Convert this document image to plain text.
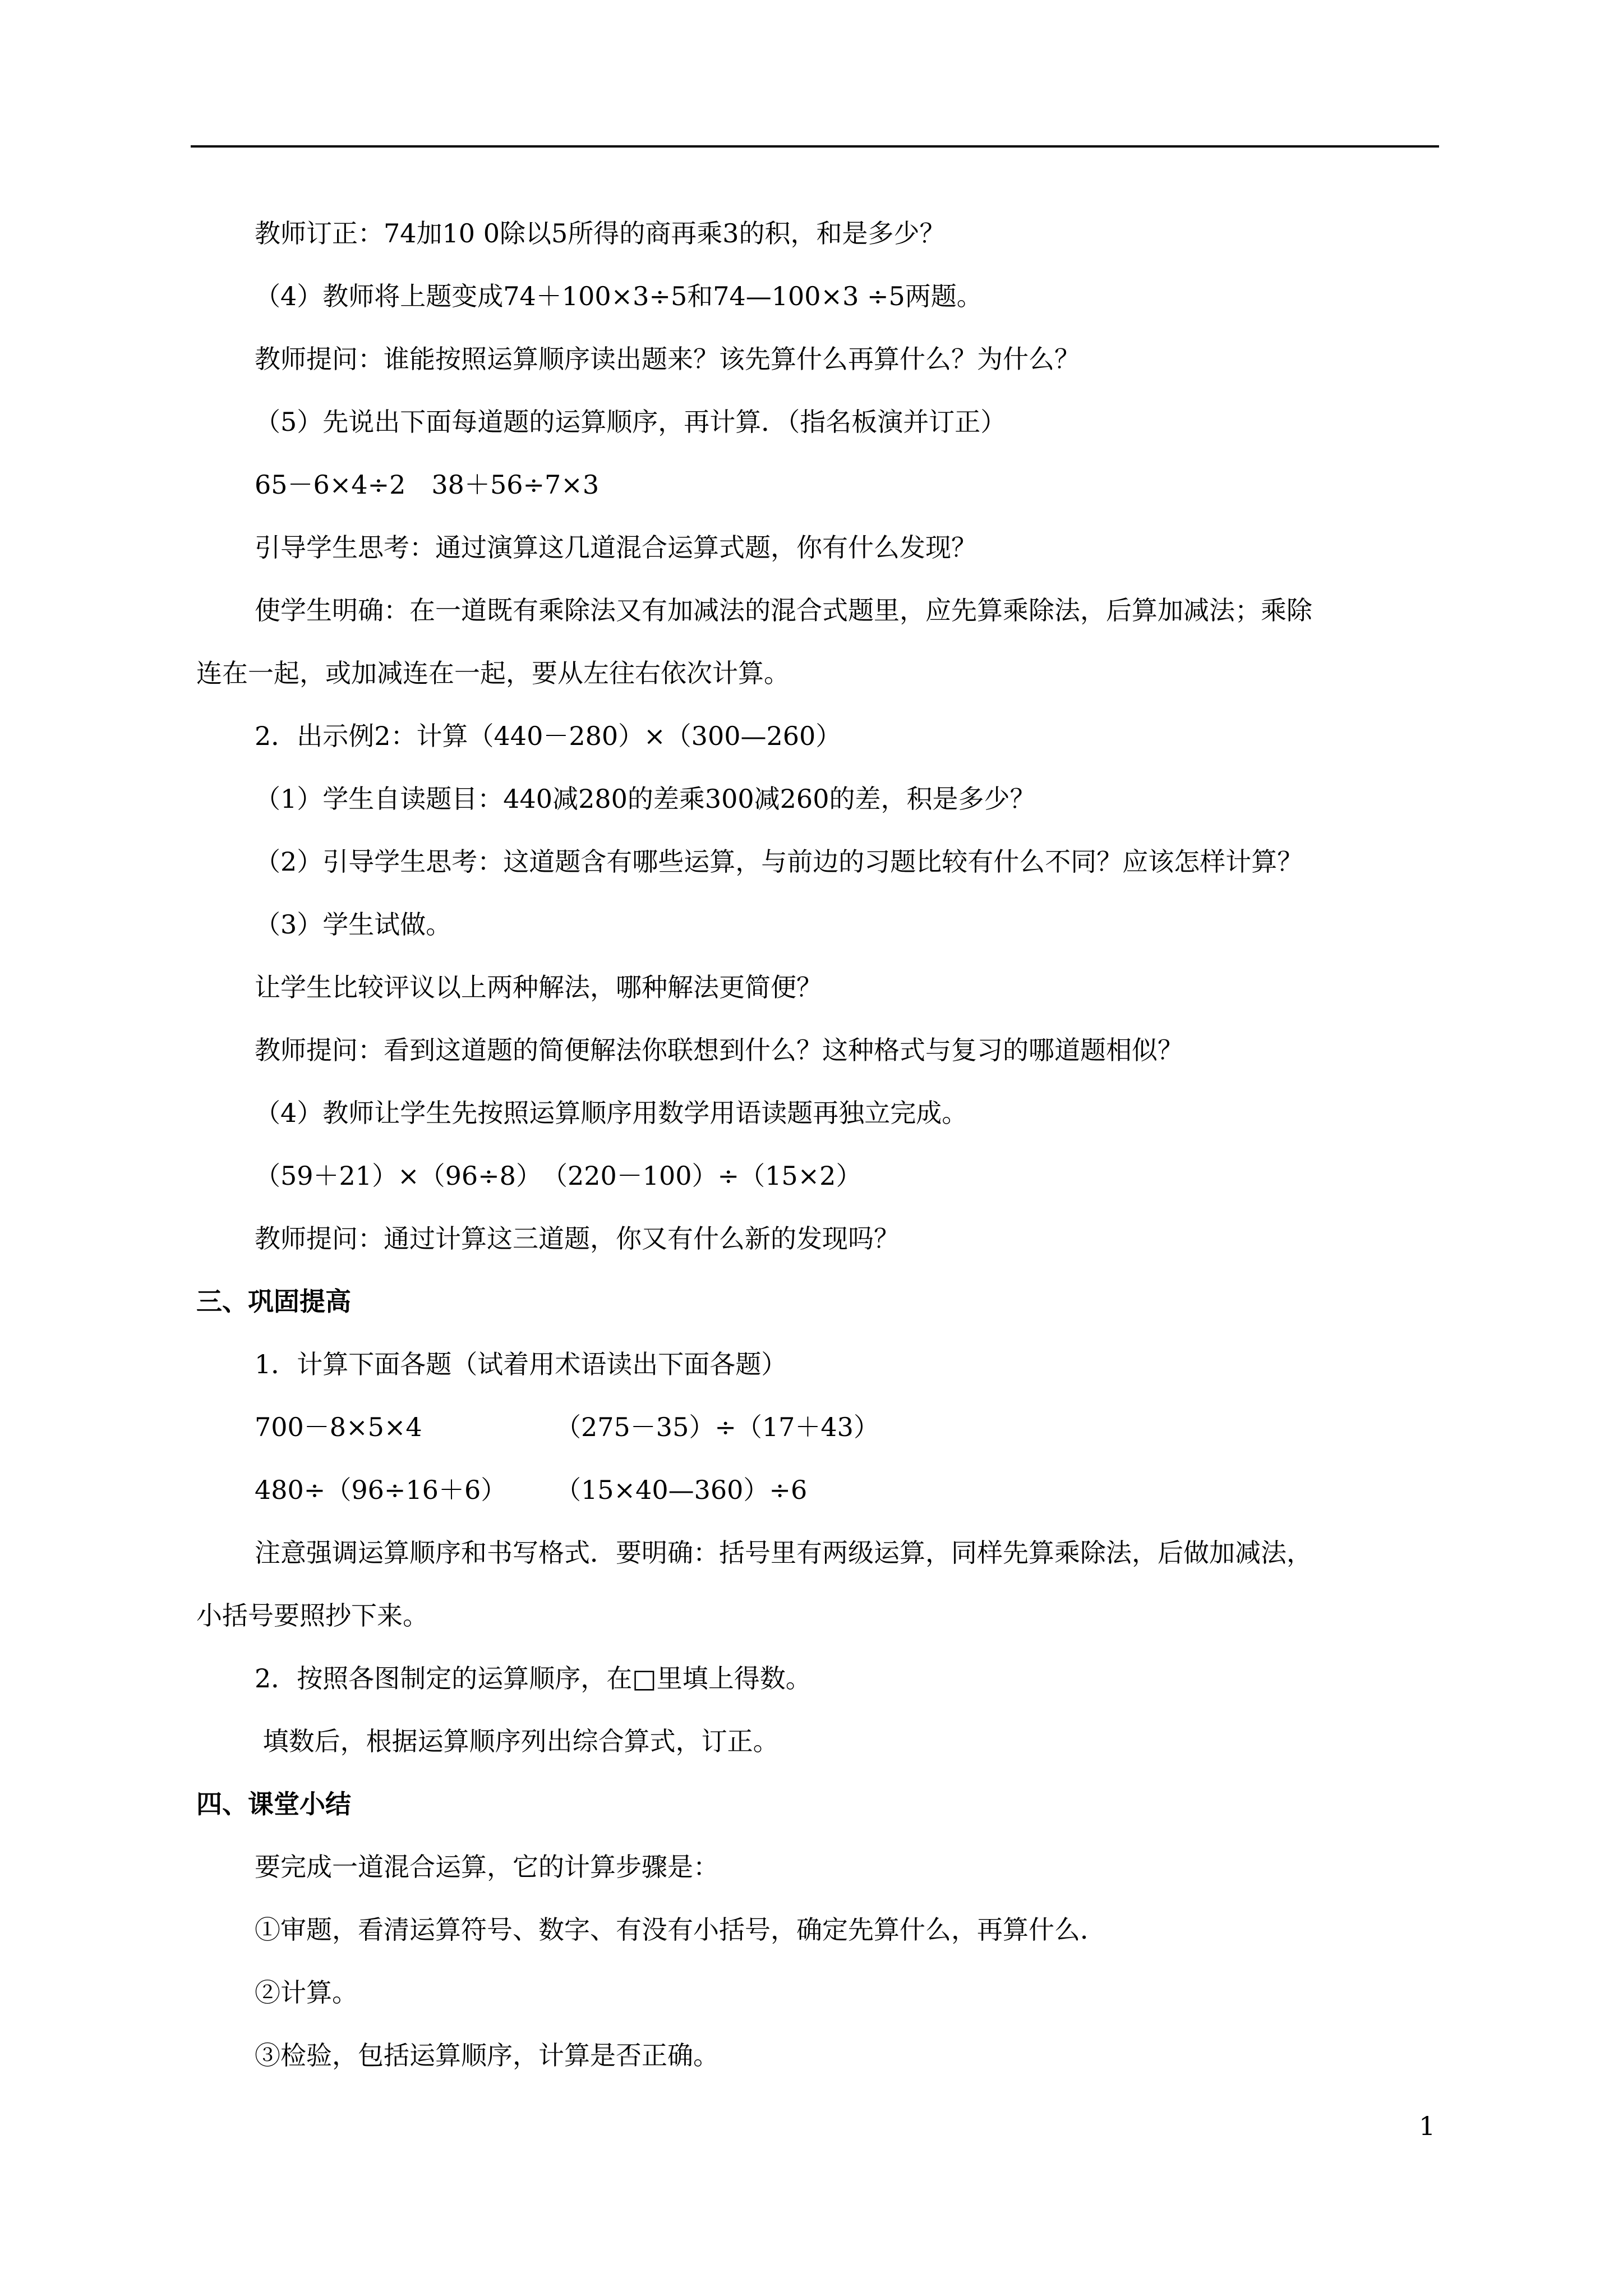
教师订正：74加10 0除以5所得的商再乘3的积，和是多少？
（4）教师将上题变成74＋100×3÷5和74—100×3 ÷5两题。
教师提问：谁能按照运算顺序读出题来？该先算什么再算什么？为什么？
（5）先说出下面每道题的运算顺序，再计算．（指名板演并订正）
65－6×4÷2　38＋56÷7×3
引导学生思考：通过演算这几道混合运算式题，你有什么发现？
使学生明确：在一道既有乘除法又有加减法的混合式题里，应先算乘除法，后算加减法；乘除
连在一起，或加减连在一起，要从左往右依次计算。
2．出示例2：计算（440－280）×（300—260）
（1）学生自读题目：440减280的差乘300减260的差，积是多少？
（2）引导学生思考：这道题含有哪些运算，与前边的习题比较有什么不同？应该怎样计算？
（3）学生试做。
让学生比较评议以上两种解法，哪种解法更简便？
教师提问：看到这道题的简便解法你联想到什么？这种格式与复习的哪道题相似？
（4）教师让学生先按照运算顺序用数学用语读题再独立完成。
（59＋21）×（96÷8）　（220－100）÷（15×2）
教师提问：通过计算这三道题，你又有什么新的发现吗？
三、巩固提高
1．计算下面各题（试着用术语读出下面各题）
700－8×5×4	（275－35）÷（17＋43）
480÷（96÷16＋6） （15×40—360）÷6
注意强调运算顺序和书写格式．要明确：括号里有两级运算，同样先算乘除法，后做加减法，
小括号要照抄下来。
2．按照各图制定的运算顺序，在□里填上得数。
填数后，根据运算顺序列出综合算式，订正。
四、课堂小结
要完成一道混合运算，它的计算步骤是：
①审题，看清运算符号、数字、有没有小括号，确定先算什么，再算什么．
②计算。
③检验，包括运算顺序，计算是否正确。
1
